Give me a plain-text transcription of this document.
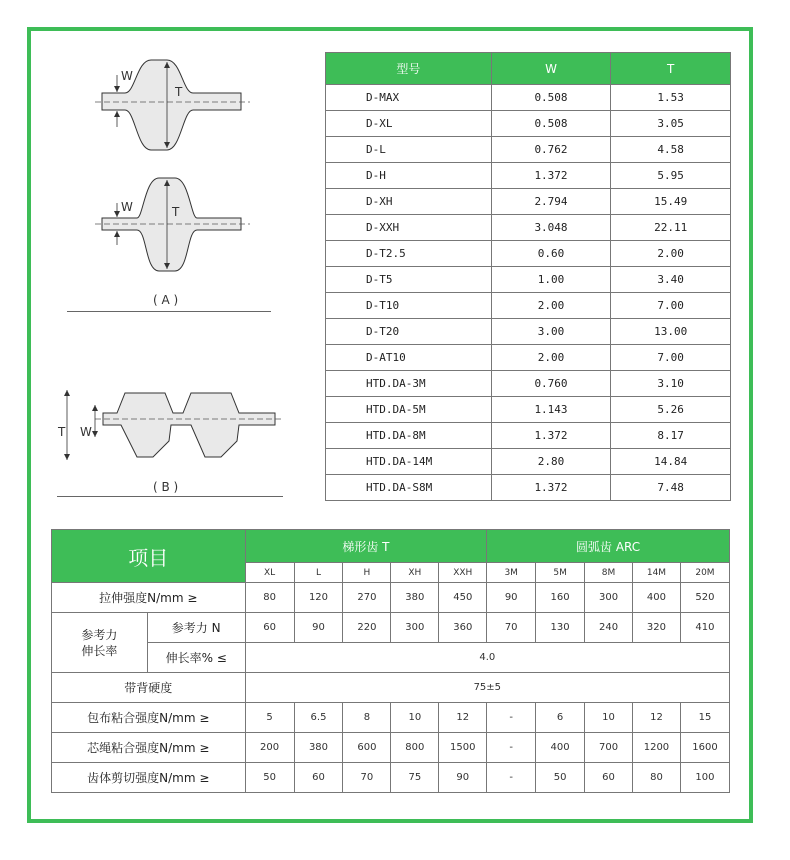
W
T
W	T
( A )
T W
( B )
型号	W	T
D-MAX	0.508	1.53
D-XL	0.508	3.05
D-L	0.762	4.58
D-H	1.372	5.95
D-XH	2.794	15.49
D-XXH	3.048	22.11
D-T2.5	0.60	2.00
D-T5	1.00	3.40
D-T10	2.00	7.00
D-T20	3.00	13.00
D-AT10	2.00	7.00
HTD.DA-3M	0.760	3.10
HTD.DA-5M	1.143	5.26
HTD.DA-8M	1.372	8.17
HTD.DA-14M	2.80	14.84
HTD.DA-S8M	1.372	7.48
项目		梯形齿 T					圆弧齿 ARC				
		XL	L	H	XH	XXH	3M	5M	8M	14M	20M
拉伸强度N/mm ≥		80	120	270	380	450	90	160	300	400	520
参考力
伸长率	参考力 N	60	90	220	300	360	70	130	240	320	410
	伸长率% ≤	4.0									
带背硬度		75±5									
包布粘合强度N/mm ≥		5	6.5	8	10	12	-	6	10	12	15
芯绳粘合强度N/mm ≥		200	380	600	800	1500	-	400	700	1200	1600
齿体剪切强度N/mm ≥		50	60	70	75	90	-	50	60	80	100
